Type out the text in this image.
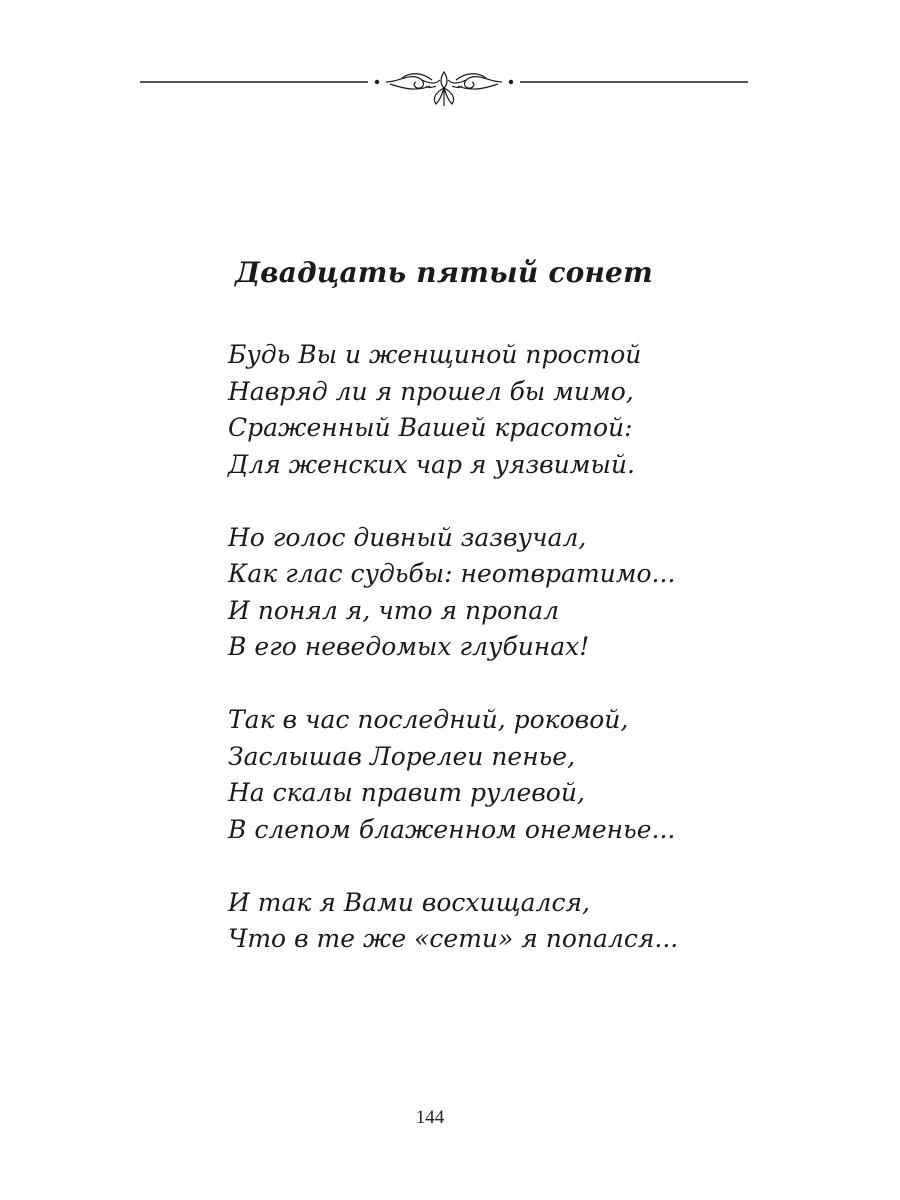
Двадцать пятый сонет
Будь Вы и женщиной простой
Навряд ли я прошел бы мимо,
Сраженный Вашей красотой:
Для женских чар я уязвимый.
Но голос дивный зазвучал,
Как глас судьбы: неотвратимо...
И понял я, что я пропал
В его неведомых глубинах!
Так в час последний, роковой,
Заслышав Лорелеи пенье,
На скалы правит рулевой,
В слепом блаженном онеменье...
И так я Вами восхищался,
Что в те же «сети» я попался...
144
